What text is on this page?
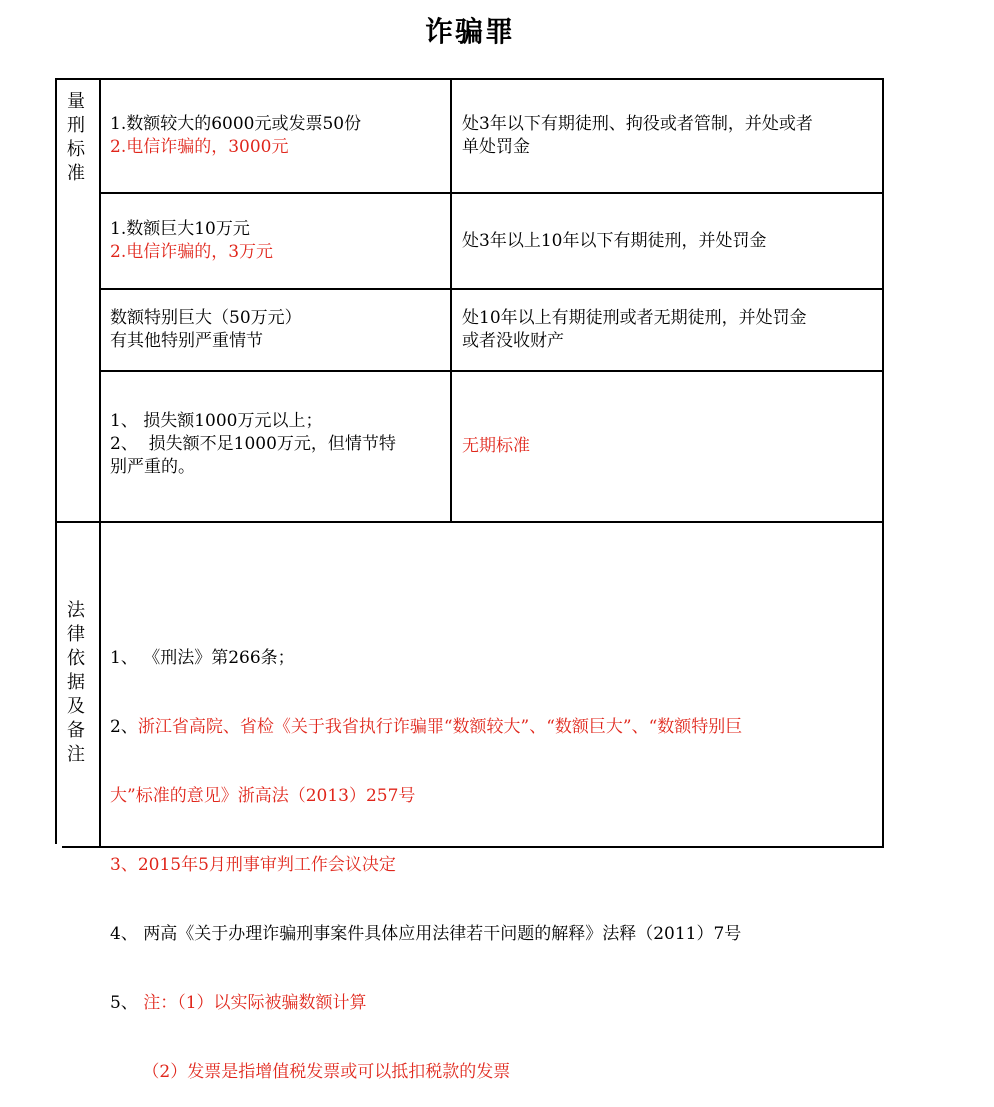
诈骗罪
量
刑
标
准
法
律
依
据
及
备
注
1.数额较大的6000元或发票50份
2.电信诈骗的，3000元
处3年以下有期徒刑、拘役或者管制，并处或者
单处罚金
1.数额巨大10万元
2.电信诈骗的，3万元
处3年以上10年以下有期徒刑，并处罚金
数额特别巨大（50万元）
有其他特别严重情节
处10年以上有期徒刑或者无期徒刑，并处罚金
或者没收财产
1、 损失额1000万元以上；
2、  损失额不足1000万元，但情节特
别严重的。
无期标准

1、 《刑法》第266条；

2、浙江省高院、省检《关于我省执行诈骗罪“数额较大”、“数额巨大”、“数额特别巨

大”标准的意见》浙高法（2013）257号

3、2015年5月刑事审判工作会议决定

4、 两高《关于办理诈骗刑事案件具体应用法律若干问题的解释》法释（2011）7号

5、 注：（1）以实际被骗数额计算

（2）发票是指增值税发票或可以抵扣税款的发票
